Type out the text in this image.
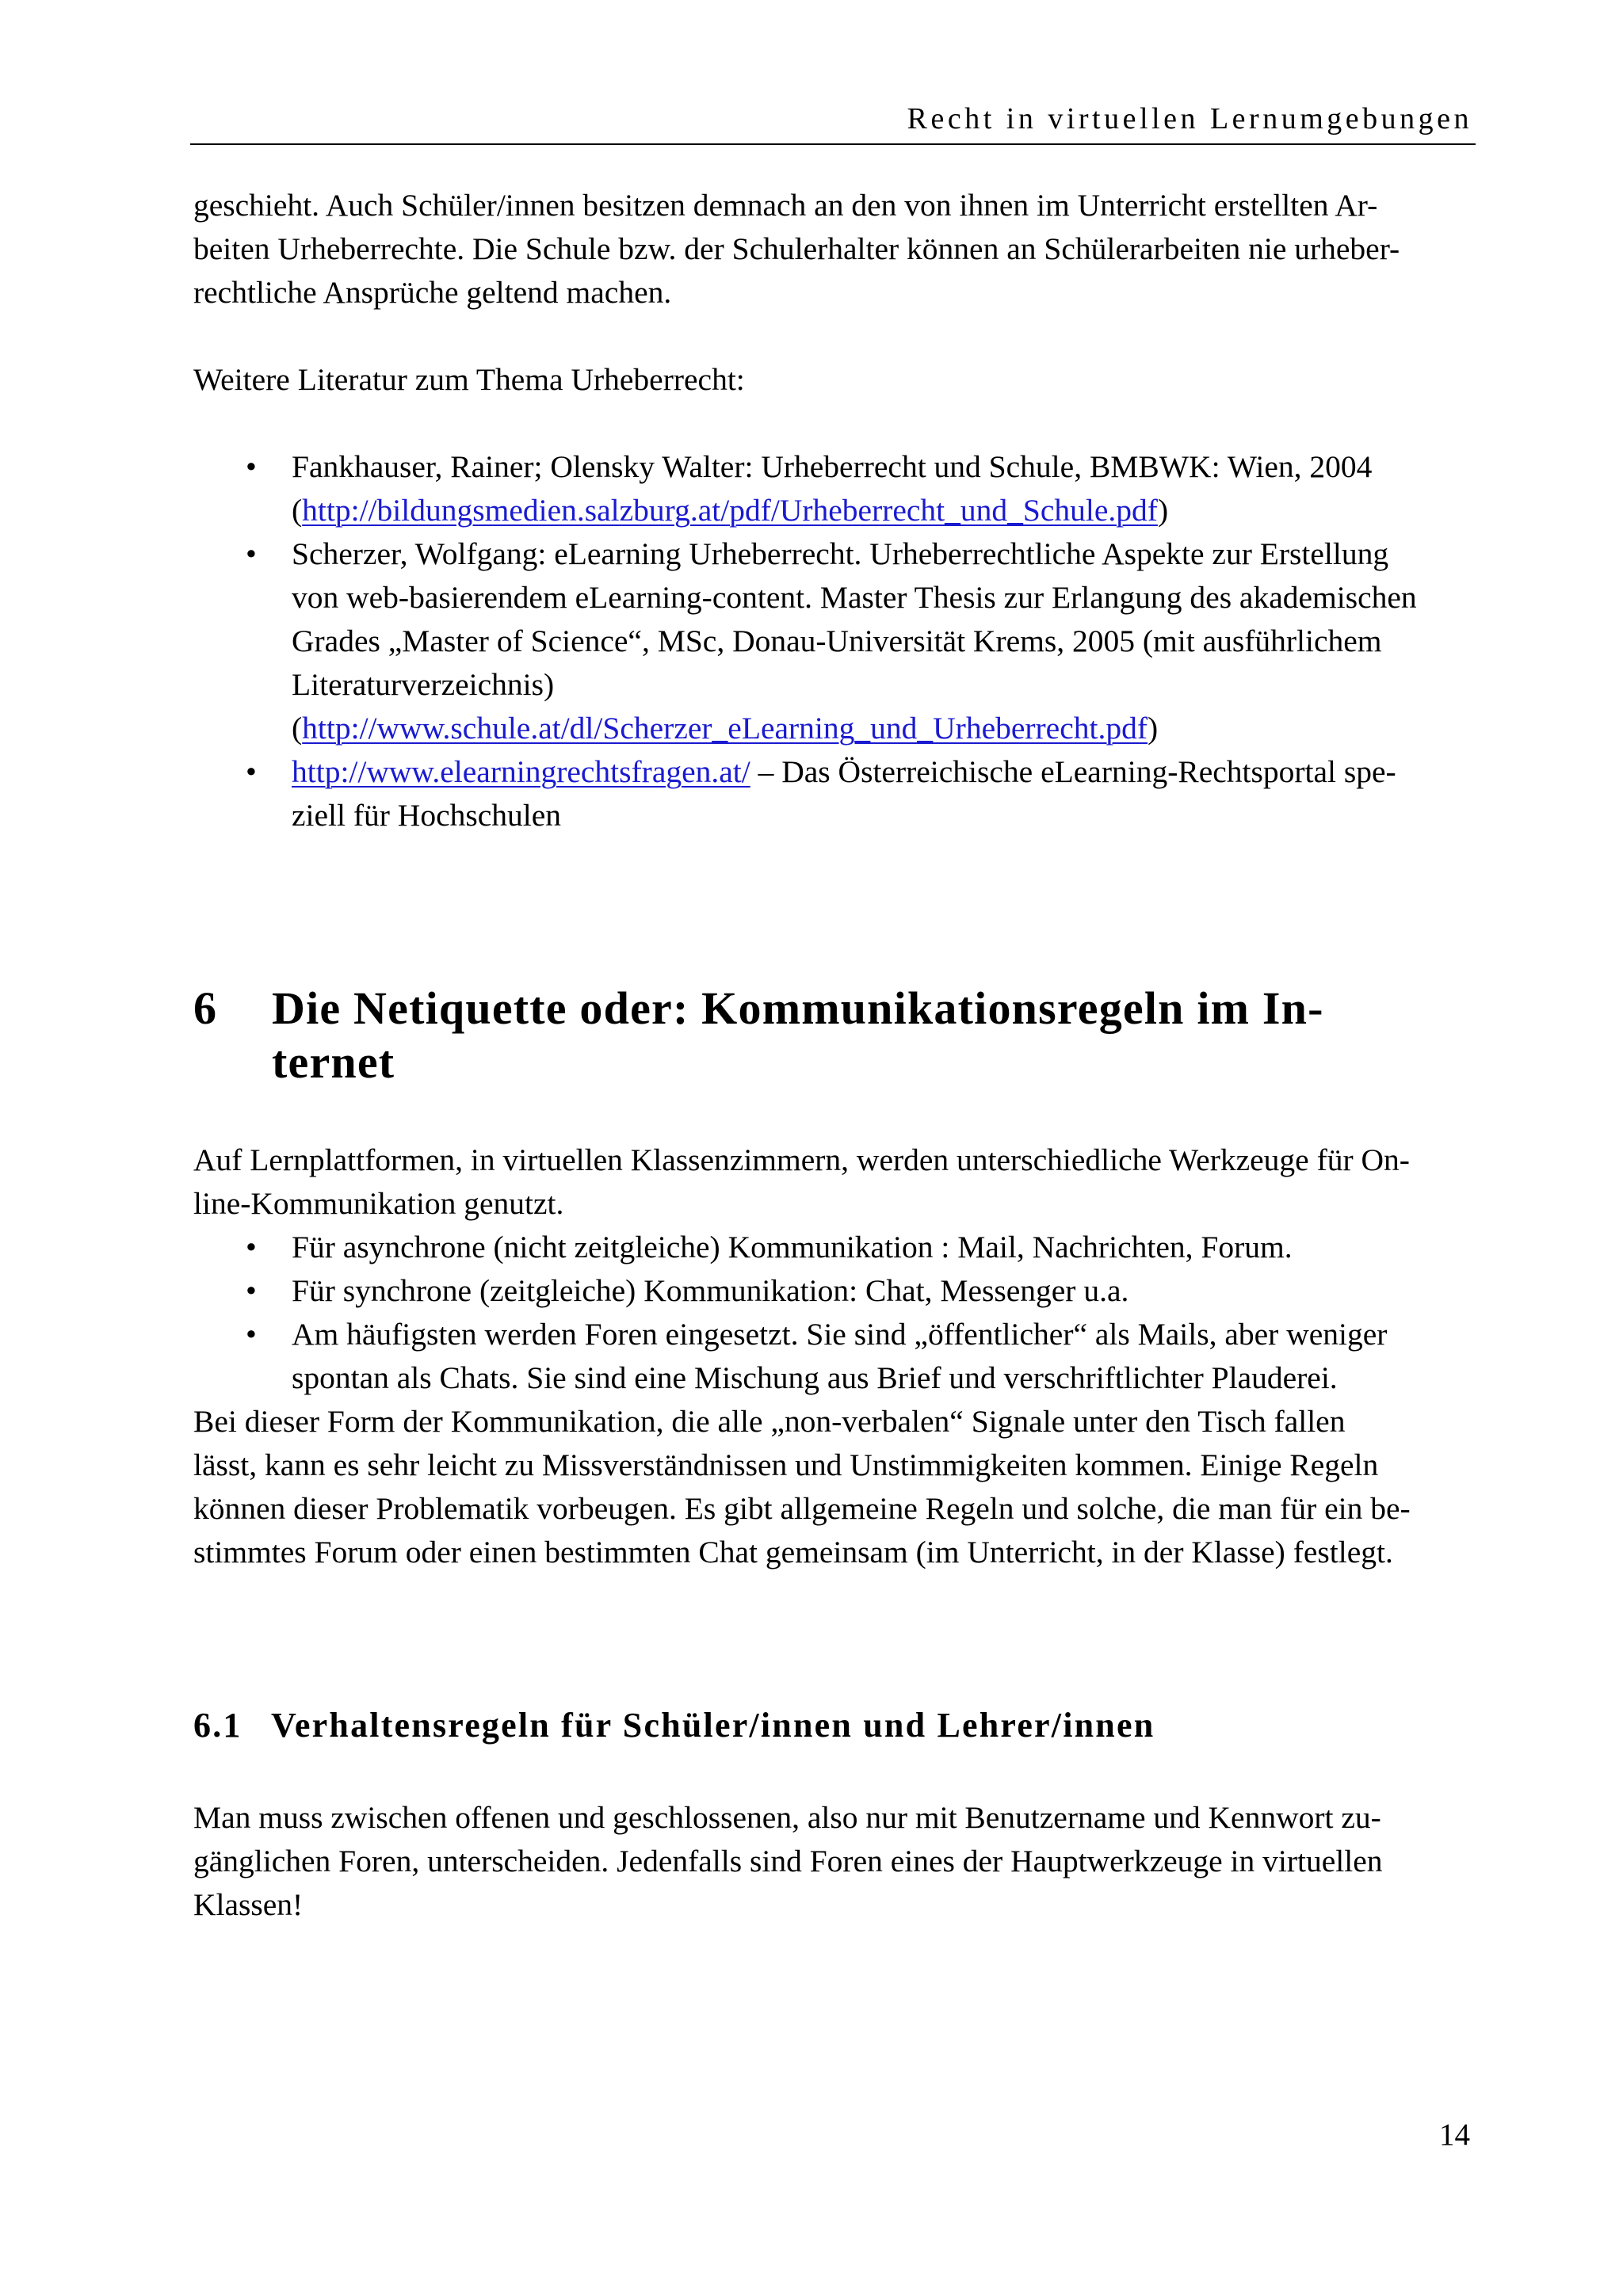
Recht in virtuellen Lernumgebungen

geschieht. Auch Schüler/innen besitzen demnach an den von ihnen im Unterricht erstellten Ar-
beiten Urheberrechte. Die Schule bzw. der Schulerhalter können an Schülerarbeiten nie urheber-
rechtliche Ansprüche geltend machen.

Weitere Literatur zum Thema Urheberrecht:

• Fankhauser, Rainer; Olensky Walter: Urheberrecht und Schule, BMBWK: Wien, 2004
(http://bildungsmedien.salzburg.at/pdf/Urheberrecht_und_Schule.pdf)
• Scherzer, Wolfgang: eLearning Urheberrecht. Urheberrechtliche Aspekte zur Erstellung
von web-basierendem eLearning-content. Master Thesis zur Erlangung des akademischen
Grades „Master of Science“, MSc, Donau-Universität Krems, 2005 (mit ausführlichem
Literaturverzeichnis)
(http://www.schule.at/dl/Scherzer_eLearning_und_Urheberrecht.pdf)
• http://www.elearningrechtsfragen.at/ – Das Österreichische eLearning-Rechtsportal spe-
ziell für Hochschulen
6	Die Netiquette oder: Kommunikationsregeln im In-
ternet

Auf Lernplattformen, in virtuellen Klassenzimmern, werden unterschiedliche Werkzeuge für On-
line-Kommunikation genutzt.

• Für asynchrone (nicht zeitgleiche) Kommunikation : Mail, Nachrichten, Forum.
• Für synchrone (zeitgleiche) Kommunikation: Chat, Messenger u.a.
• Am häufigsten werden Foren eingesetzt. Sie sind „öffentlicher“ als Mails, aber weniger
spontan als Chats. Sie sind eine Mischung aus Brief und verschriftlichter Plauderei.

Bei dieser Form der Kommunikation, die alle „non-verbalen“ Signale unter den Tisch fallen
lässt, kann es sehr leicht zu Missverständnissen und Unstimmigkeiten kommen. Einige Regeln
können dieser Problematik vorbeugen. Es gibt allgemeine Regeln und solche, die man für ein be-
stimmtes Forum oder einen bestimmten Chat gemeinsam (im Unterricht, in der Klasse) festlegt.

6.1 Verhaltensregeln für Schüler/innen und Lehrer/innen

Man muss zwischen offenen und geschlossenen, also nur mit Benutzername und Kennwort zu-
gänglichen Foren, unterscheiden. Jedenfalls sind Foren eines der Hauptwerkzeuge in virtuellen
Klassen!

14
